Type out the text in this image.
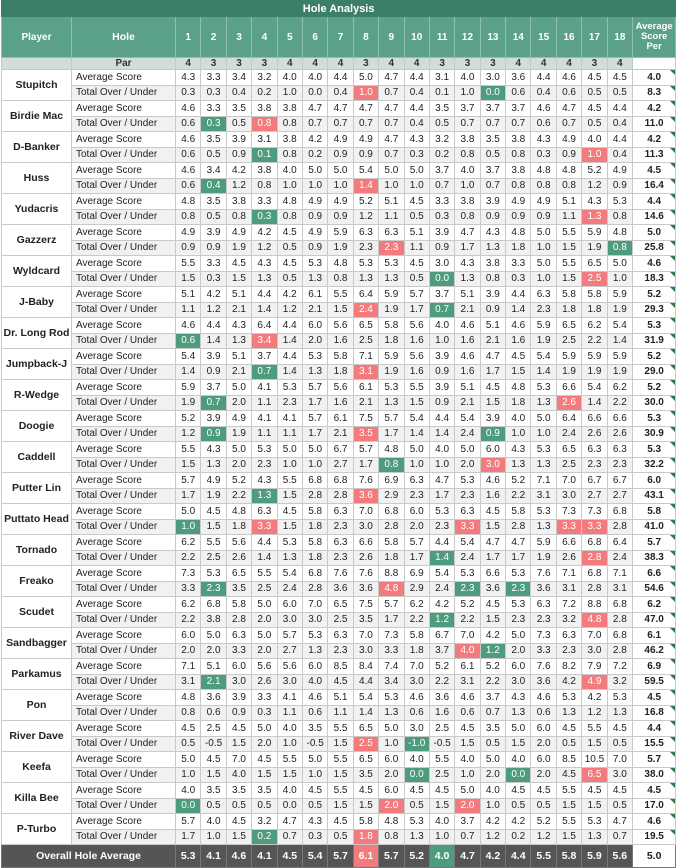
Hole Analysis																				
Player	Hole	1	2	3	4	5	6	7	8	9	10	11	12	13	14	15	16	17	18	Average Score Per
	Par	4	3	3	3	4	4	4	3	4	4	3	3	3	4	4	4	3	4	
Stupitch	Average Score	4.3	3.3	3.4	3.2	4.0	4.0	4.4	5.0	4.7	4.4	3.1	4.0	3.0	3.6	4.4	4.6	4.5	4.5	4.0

	Total Over / Under	0.3	0.3	0.4	0.2	1.0	0.0	0.4	1.0	0.7	0.4	0.1	1.0	0.0	0.6	0.4	0.6	0.5	0.5	8.3

Birdie Mac	Average Score	4.6	3.3	3.5	3.8	3.8	4.7	4.7	4.7	4.7	4.4	3.5	3.7	3.7	3.7	4.6	4.7	4.5	4.4	4.2

	Total Over / Under	0.6	0.3	0.5	0.8	0.8	0.7	0.7	0.7	0.7	0.4	0.5	0.7	0.7	0.7	0.6	0.7	0.5	0.4	11.0

D-Banker	Average Score	4.6	3.5	3.9	3.1	3.8	4.2	4.9	4.9	4.7	4.3	3.2	3.8	3.5	3.8	4.3	4.9	4.0	4.4	4.2

	Total Over / Under	0.6	0.5	0.9	0.1	0.8	0.2	0.9	0.9	0.7	0.3	0.2	0.8	0.5	0.8	0.3	0.9	1.0	0.4	11.3

Huss	Average Score	4.6	3.4	4.2	3.8	4.0	5.0	5.0	5.4	5.0	5.0	3.7	4.0	3.7	3.8	4.8	4.8	5.2	4.9	4.5

	Total Over / Under	0.6	0.4	1.2	0.8	1.0	1.0	1.0	1.4	1.0	1.0	0.7	1.0	0.7	0.8	0.8	0.8	1.2	0.9	16.4

Yudacris	Average Score	4.8	3.5	3.8	3.3	4.8	4.9	4.9	5.2	5.1	4.5	3.3	3.8	3.9	4.9	4.9	5.1	4.3	5.3	4.4

	Total Over / Under	0.8	0.5	0.8	0.3	0.8	0.9	0.9	1.2	1.1	0.5	0.3	0.8	0.9	0.9	0.9	1.1	1.3	0.8	14.6

Gazzerz	Average Score	4.9	3.9	4.9	4.2	4.5	4.9	5.9	6.3	6.3	5.1	3.9	4.7	4.3	4.8	5.0	5.5	5.9	4.8	5.0

	Total Over / Under	0.9	0.9	1.9	1.2	0.5	0.9	1.9	2.3	2.3	1.1	0.9	1.7	1.3	1.8	1.0	1.5	1.9	0.8	25.8

Wyldcard	Average Score	5.5	3.3	4.5	4.3	4.5	5.3	4.8	5.3	5.3	4.5	3.0	4.3	3.8	3.3	5.0	5.5	6.5	5.0	4.6

	Total Over / Under	1.5	0.3	1.5	1.3	0.5	1.3	0.8	1.3	1.3	0.5	0.0	1.3	0.8	0.3	1.0	1.5	2.5	1.0	18.3

J-Baby	Average Score	5.1	4.2	5.1	4.4	4.2	6.1	5.5	6.4	5.9	5.7	3.7	5.1	3.9	4.4	6.3	5.8	5.8	5.9	5.2

	Total Over / Under	1.1	1.2	2.1	1.4	1.2	2.1	1.5	2.4	1.9	1.7	0.7	2.1	0.9	1.4	2.3	1.8	1.8	1.9	29.3

Dr. Long Rod	Average Score	4.6	4.4	4.3	6.4	4.4	6.0	5.6	6.5	5.8	5.6	4.0	4.6	5.1	4.6	5.9	6.5	6.2	5.4	5.3

	Total Over / Under	0.6	1.4	1.3	3.4	1.4	2.0	1.6	2.5	1.8	1.6	1.0	1.6	2.1	1.6	1.9	2.5	2.2	1.4	31.9

Jumpback-J	Average Score	5.4	3.9	5.1	3.7	4.4	5.3	5.8	7.1	5.9	5.6	3.9	4.6	4.7	4.5	5.4	5.9	5.9	5.9	5.2

	Total Over / Under	1.4	0.9	2.1	0.7	1.4	1.3	1.8	3.1	1.9	1.6	0.9	1.6	1.7	1.5	1.4	1.9	1.9	1.9	29.0

R-Wedge	Average Score	5.9	3.7	5.0	4.1	5.3	5.7	5.6	6.1	5.3	5.5	3.9	5.1	4.5	4.8	5.3	6.6	5.4	6.2	5.2

	Total Over / Under	1.9	0.7	2.0	1.1	2.3	1.7	1.6	2.1	1.3	1.5	0.9	2.1	1.5	1.8	1.3	2.6	1.4	2.2	30.0

Doogie	Average Score	5.2	3.9	4.9	4.1	4.1	5.7	6.1	7.5	5.7	5.4	4.4	5.4	3.9	4.0	5.0	6.4	6.6	6.6	5.3

	Total Over / Under	1.2	0.9	1.9	1.1	1.1	1.7	2.1	3.5	1.7	1.4	1.4	2.4	0.9	1.0	1.0	2.4	2.6	2.6	30.9

Caddell	Average Score	5.5	4.3	5.0	5.3	5.0	5.0	6.7	5.7	4.8	5.0	4.0	5.0	6.0	4.3	5.3	6.5	6.3	6.3	5.3

	Total Over / Under	1.5	1.3	2.0	2.3	1.0	1.0	2.7	1.7	0.8	1.0	1.0	2.0	3.0	1.3	1.3	2.5	2.3	2.3	32.2

Putter Lin	Average Score	5.7	4.9	5.2	4.3	5.5	6.8	6.8	7.6	6.9	6.3	4.7	5.3	4.6	5.2	7.1	7.0	6.7	6.7	6.0

	Total Over / Under	1.7	1.9	2.2	1.3	1.5	2.8	2.8	3.6	2.9	2.3	1.7	2.3	1.6	2.2	3.1	3.0	2.7	2.7	43.1

Puttato Head	Average Score	5.0	4.5	4.8	6.3	4.5	5.8	6.3	7.0	6.8	6.0	5.3	6.3	4.5	5.8	5.3	7.3	7.3	6.8	5.8

	Total Over / Under	1.0	1.5	1.8	3.3	1.5	1.8	2.3	3.0	2.8	2.0	2.3	3.3	1.5	2.8	1.3	3.3	3.3	2.8	41.0

Tornado	Average Score	6.2	5.5	5.6	4.4	5.3	5.8	6.3	6.6	5.8	5.7	4.4	5.4	4.7	4.7	5.9	6.6	6.8	6.4	5.7

	Total Over / Under	2.2	2.5	2.6	1.4	1.3	1.8	2.3	2.6	1.8	1.7	1.4	2.4	1.7	1.7	1.9	2.6	2.8	2.4	38.3

Freako	Average Score	7.3	5.3	6.5	5.5	5.4	6.8	7.6	7.6	8.8	6.9	5.4	5.3	6.6	5.3	7.6	7.1	6.8	7.1	6.6

	Total Over / Under	3.3	2.3	3.5	2.5	2.4	2.8	3.6	3.6	4.8	2.9	2.4	2.3	3.6	2.3	3.6	3.1	2.8	3.1	54.6

Scudet	Average Score	6.2	6.8	5.8	5.0	6.0	7.0	6.5	7.5	5.7	6.2	4.2	5.2	4.5	5.3	6.3	7.2	8.8	6.8	6.2

	Total Over / Under	2.2	3.8	2.8	2.0	3.0	3.0	2.5	3.5	1.7	2.2	1.2	2.2	1.5	2.3	2.3	3.2	4.8	2.8	47.0

Sandbagger	Average Score	6.0	5.0	6.3	5.0	5.7	5.3	6.3	7.0	7.3	5.8	6.7	7.0	4.2	5.0	7.3	6.3	7.0	6.8	6.1

	Total Over / Under	2.0	2.0	3.3	2.0	2.7	1.3	2.3	3.0	3.3	1.8	3.7	4.0	1.2	2.0	3.3	2.3	3.0	2.8	46.2

Parkamus	Average Score	7.1	5.1	6.0	5.6	5.6	6.0	8.5	8.4	7.4	7.0	5.2	6.1	5.2	6.0	7.6	8.2	7.9	7.2	6.9

	Total Over / Under	3.1	2.1	3.0	2.6	3.0	4.0	4.5	4.4	3.4	3.0	2.2	3.1	2.2	3.0	3.6	4.2	4.9	3.2	59.5

Pon	Average Score	4.8	3.6	3.9	3.3	4.1	4.6	5.1	5.4	5.3	4.6	3.6	4.6	3.7	4.3	4.6	5.3	4.2	5.3	4.5

	Total Over / Under	0.8	0.6	0.9	0.3	1.1	0.6	1.1	1.4	1.3	0.6	1.6	0.6	0.7	1.3	0.6	1.3	1.2	1.3	16.8

River Dave	Average Score	4.5	2.5	4.5	5.0	4.0	3.5	5.5	6.5	5.0	3.0	2.5	4.5	3.5	5.0	6.0	4.5	5.5	4.5	4.4

	Total Over / Under	0.5	-0.5	1.5	2.0	1.0	-0.5	1.5	2.5	1.0	-1.0	-0.5	1.5	0.5	1.5	2.0	0.5	1.5	0.5	15.5

Keefa	Average Score	5.0	4.5	7.0	4.5	5.5	5.0	5.5	6.5	6.0	4.0	5.5	4.0	5.0	4.0	6.0	8.5	10.5	7.0	5.7

	Total Over / Under	1.0	1.5	4.0	1.5	1.5	1.0	1.5	3.5	2.0	0.0	2.5	1.0	2.0	0.0	2.0	4.5	6.5	3.0	38.0

Killa Bee	Average Score	4.0	3.5	3.5	3.5	4.0	4.5	5.5	4.5	6.0	4.5	4.5	5.0	4.0	4.5	4.5	5.5	4.5	4.5	4.5

	Total Over / Under	0.0	0.5	0.5	0.5	0.0	0.5	1.5	1.5	2.0	0.5	1.5	2.0	1.0	0.5	0.5	1.5	1.5	0.5	17.0

P-Turbo	Average Score	5.7	4.0	4.5	3.2	4.7	4.3	4.5	5.8	4.8	5.3	4.0	3.7	4.2	4.2	5.2	5.5	5.3	4.7	4.6

	Total Over / Under	1.7	1.0	1.5	0.2	0.7	0.3	0.5	1.8	0.8	1.3	1.0	0.7	1.2	0.2	1.2	1.5	1.3	0.7	19.5

Overall Hole Average		5.3	4.1	4.6	4.1	4.5	5.4	5.7	6.1	5.7	5.2	4.0	4.7	4.2	4.4	5.5	5.8	5.9	5.6	5.0
